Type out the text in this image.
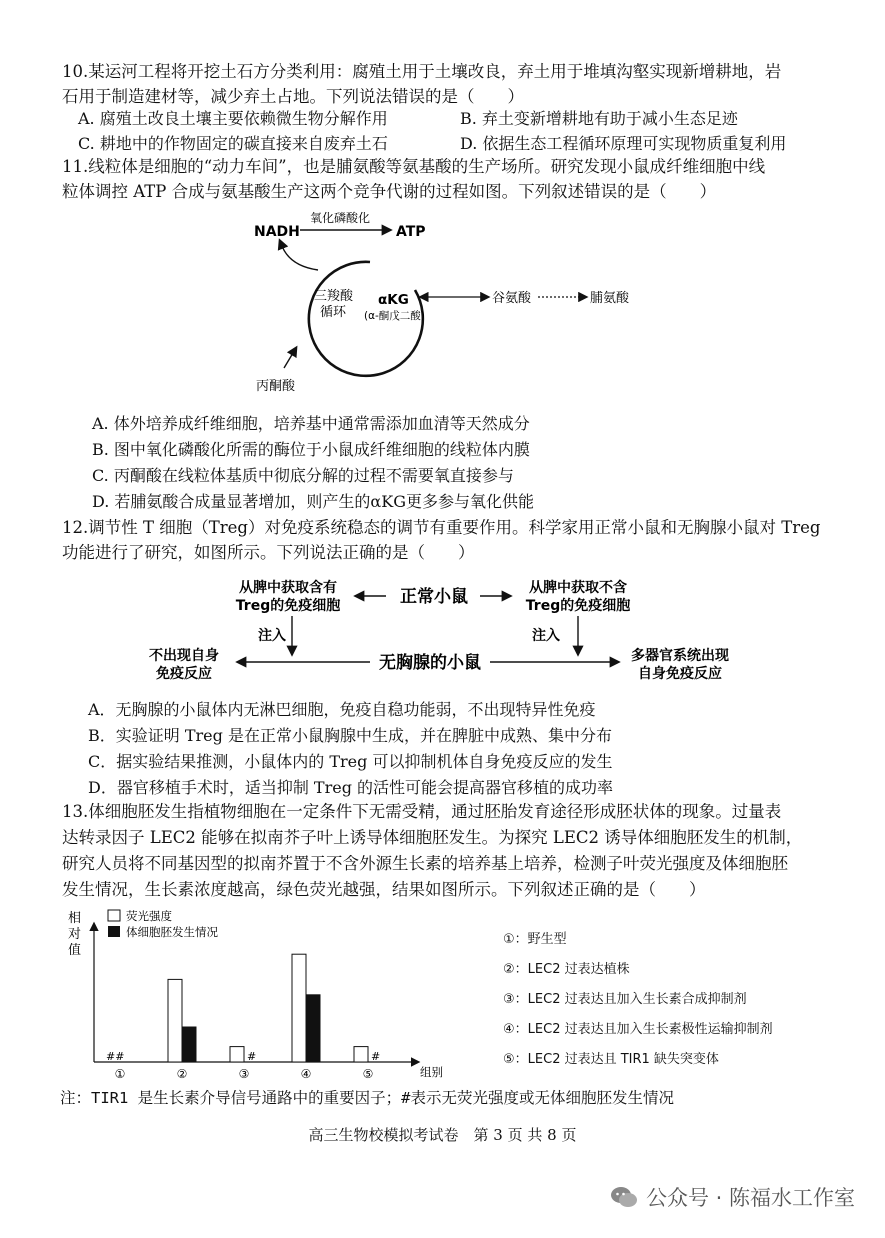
10.某运河工程将开挖土石方分类利用：腐殖土用于土壤改良，弃土用于堆填沟壑实现新增耕地，岩
石用于制造建材等，减少弃土占地。下列说法错误的是（　　）
A. 腐殖土改良土壤主要依赖微生物分解作用	B. 弃土变新增耕地有助于减小生态足迹
C. 耕地中的作物固定的碳直接来自废弃土石	D. 依据生态工程循环原理可实现物质重复利用
11.线粒体是细胞的“动力车间”，也是脯氨酸等氨基酸的生产场所。研究发现小鼠成纤维细胞中线
粒体调控 ATP 合成与氨基酸生产这两个竞争代谢的过程如图。下列叙述错误的是（　　）
NADH
氧化磷酸化
ATP
三羧酸
循环
αKG
(α-酮戊二酸)
谷氨酸	脯氨酸
丙酮酸
A. 体外培养成纤维细胞，培养基中通常需添加血清等天然成分
B. 图中氧化磷酸化所需的酶位于小鼠成纤维细胞的线粒体内膜
C. 丙酮酸在线粒体基质中彻底分解的过程不需要氧直接参与
D. 若脯氨酸合成量显著增加，则产生的αKG更多参与氧化供能
12.调节性 T 细胞（Treg）对免疫系统稳态的调节有重要作用。科学家用正常小鼠和无胸腺小鼠对 Treg
功能进行了研究，如图所示。下列说法正确的是（　　）
从脾中获取含有
Treg的免疫细胞	正常小鼠	从脾中获取不含
Treg的免疫细胞
注入	注入
不出现自身
免疫反应
无胸腺的小鼠	多器官系统出现
自身免疫反应
A．无胸腺的小鼠体内无淋巴细胞，免疫自稳功能弱，不出现特异性免疫
B．实验证明 Treg 是在正常小鼠胸腺中生成，并在脾脏中成熟、集中分布
C．据实验结果推测，小鼠体内的 Treg 可以抑制机体自身免疫反应的发生
D．器官移植手术时，适当抑制 Treg 的活性可能会提高器官移植的成功率
13.体细胞胚发生指植物细胞在一定条件下无需受精，通过胚胎发育途径形成胚状体的现象。过量表
达转录因子 LEC2 能够在拟南芥子叶上诱导体细胞胚发生。为探究 LEC2 诱导体细胞胚发生的机制，
研究人员将不同基因型的拟南芥置于不含外源生长素的培养基上培养，检测子叶荧光强度及体细胞胚
发生情况，生长素浓度越高，绿色荧光越强，结果如图所示。下列叙述正确的是（　　）
相
对
值
荧光强度
体细胞胚发生情况
组别
##
①	②
#
③	④
#
⑤
①：野生型
②：LEC2 过表达植株
③：LEC2 过表达且加入生长素合成抑制剂
④：LEC2 过表达且加入生长素极性运输抑制剂
⑤：LEC2 过表达且 TIR1 缺失突变体
注：TIR1 是生长素介导信号通路中的重要因子；#表示无荧光强度或无体细胞胚发生情况
高三生物校模拟考试卷　第 3 页 共 8 页
公众号 · 陈福水工作室
